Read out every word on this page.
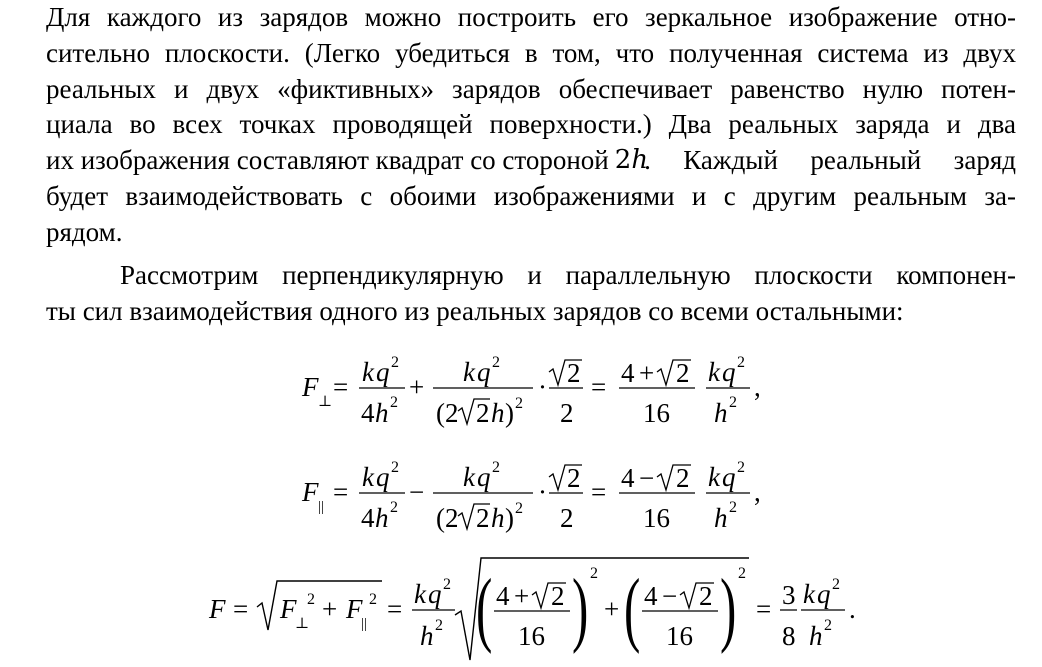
Для каждого из зарядов можно построить его зеркальное изображение отно-
сительно плоскости. (Легко убедиться в том, что полученная система из двух
реальных и двух «фиктивных» зарядов обеспечивает равенство нулю потен-
циала во всех точках проводящей поверхности.) Два реальных заряда и два
их изображения составляют квадрат со стороной 2h
. Каждый реальный заряд
будет взаимодействовать с обоими изображениями и с другим реальным за-
рядом.
Рассмотрим перпендикулярную и параллельную плоскости компонен-
ты сил взаимодействия одного из реальных зарядов со всеми остальными:
F ⊥ = k q 2
4 h 2
+ k q 2
( 2 2 h ) 2
· 2
2
= 4 + 2
16
k q 2
h 2
,
F || = k q 2
4 h 2
− k q 2
( 2 2 h ) 2
· 2
2
= 4 − 2
16
k q 2
h 2
,
F = F
⊥
2 + F
||
2 = k q 2
h 2 ( 4 + 2
16 ) 2
+ ( 4 − 2
16 ) 2
= 3
8
k q 2
h 2
.
